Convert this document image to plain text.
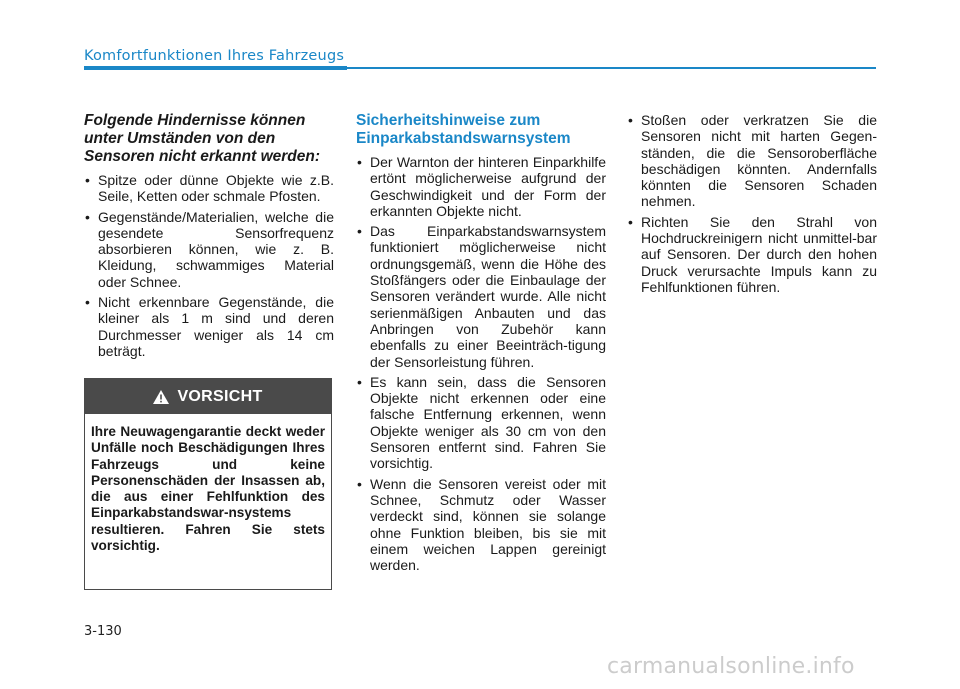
Komfortfunktionen Ihres Fahrzeugs
Folgende Hindernisse können unter Umständen von den Sensoren nicht erkannt werden:
• Spitze oder dünne Objekte wie z.B. Seile, Ketten oder schmale Pfosten.
• Gegenstände/Materialien, welche die gesendete Sensorfrequenz absorbieren können, wie z. B. Kleidung, schwammiges Material oder Schnee.
• Nicht erkennbare Gegenstände, die kleiner als 1 m sind und deren Durchmesser weniger als 14 cm beträgt.
VORSICHT
Ihre Neuwagengarantie deckt weder Unfälle noch Beschädigungen Ihres Fahrzeugs und keine Personenschäden der Insassen ab, die aus einer Fehlfunktion des Einparkabstandswar-nsystems resultieren. Fahren Sie stets vorsichtig.
Sicherheitshinweise zum Einparkabstandswarnsystem
• Der Warnton der hinteren Einparkhilfe ertönt möglicherweise aufgrund der Geschwindigkeit und der Form der erkannten Objekte nicht.
• Das Einparkabstandswarnsystem funktioniert möglicherweise nicht ordnungsgemäß, wenn die Höhe des Stoßfängers oder die Einbaulage der Sensoren verändert wurde. Alle nicht serienmäßigen Anbauten und das Anbringen von Zubehör kann ebenfalls zu einer Beeinträch-tigung der Sensorleistung führen.
• Es kann sein, dass die Sensoren Objekte nicht erkennen oder eine falsche Entfernung erkennen, wenn Objekte weniger als 30 cm von den Sensoren entfernt sind. Fahren Sie vorsichtig.
• Wenn die Sensoren vereist oder mit Schnee, Schmutz oder Wasser verdeckt sind, können sie solange ohne Funktion bleiben, bis sie mit einem weichen Lappen gereinigt werden.
• Stoßen oder verkratzen Sie die Sensoren nicht mit harten Gegen-ständen, die die Sensoroberfläche beschädigen könnten. Andernfalls könnten die Sensoren Schaden nehmen.
• Richten Sie den Strahl von Hochdruckreinigern nicht unmittel-bar auf Sensoren. Der durch den hohen Druck verursachte Impuls kann zu Fehlfunktionen führen.
3-130
carmanualsonline.info
